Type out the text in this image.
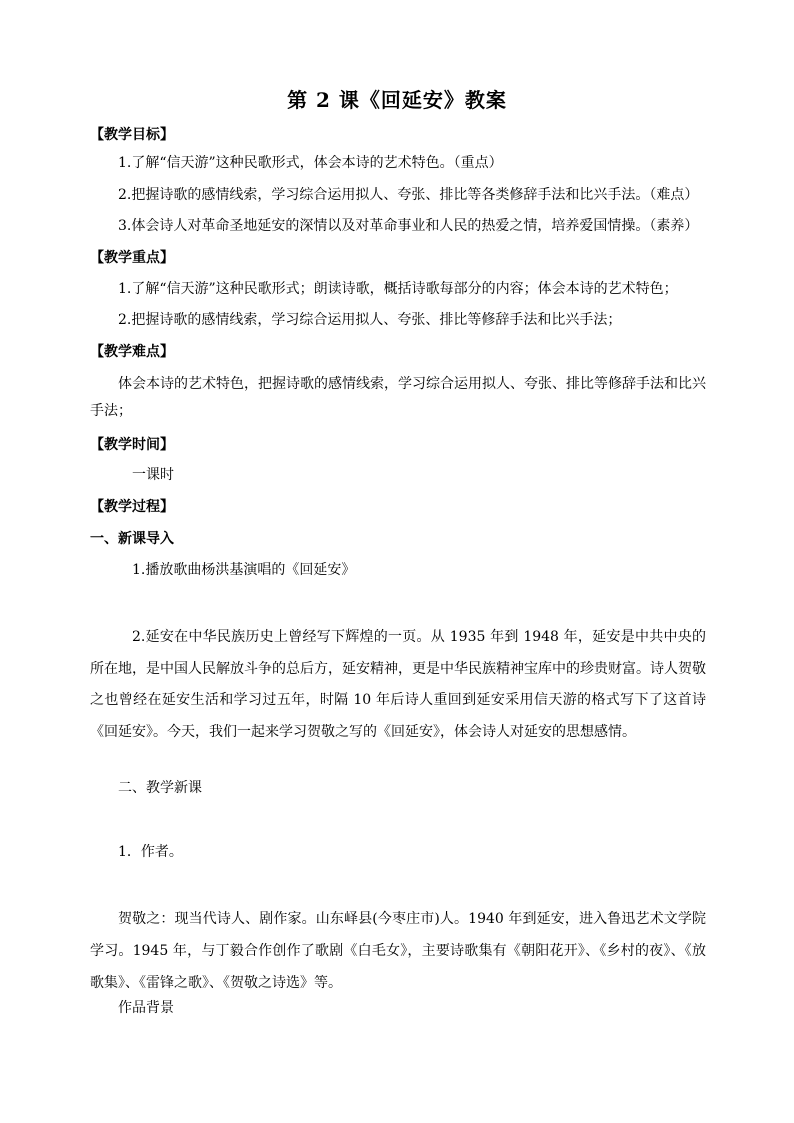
第 2 课《回延安》教案
【教学目标】
1.了解“信天游”这种民歌形式，体会本诗的艺术特色。（重点）
2.把握诗歌的感情线索，学习综合运用拟人、夸张、排比等各类修辞手法和比兴手法。（难点）
3.体会诗人对革命圣地延安的深情以及对革命事业和人民的热爱之情，培养爱国情操。（素养）
【教学重点】
1.了解“信天游”这种民歌形式；朗读诗歌，概括诗歌每部分的内容；体会本诗的艺术特色；
2.把握诗歌的感情线索，学习综合运用拟人、夸张、排比等修辞手法和比兴手法；
【教学难点】
体会本诗的艺术特色，把握诗歌的感情线索，学习综合运用拟人、夸张、排比等修辞手法和比兴手法；
【教学时间】
一课时
【教学过程】
一、新课导入
1.播放歌曲杨洪基演唱的《回延安》
2.延安在中华民族历史上曾经写下辉煌的一页。从 1935 年到 1948 年，延安是中共中央的所在地，是中国人民解放斗争的总后方，延安精神，更是中华民族精神宝库中的珍贵财富。诗人贺敬之也曾经在延安生活和学习过五年，时隔 10 年后诗人重回到延安采用信天游的格式写下了这首诗《回延安》。今天，我们一起来学习贺敬之写的《回延安》，体会诗人对延安的思想感情。
二、教学新课
1．作者。
贺敬之：现当代诗人、剧作家。山东峄县(今枣庄市)人。1940 年到延安，进入鲁迅艺术文学院学习。1945 年，与丁毅合作创作了歌剧《白毛女》，主要诗歌集有《朝阳花开》、《乡村的夜》、《放歌集》、《雷锋之歌》、《贺敬之诗选》等。
作品背景
